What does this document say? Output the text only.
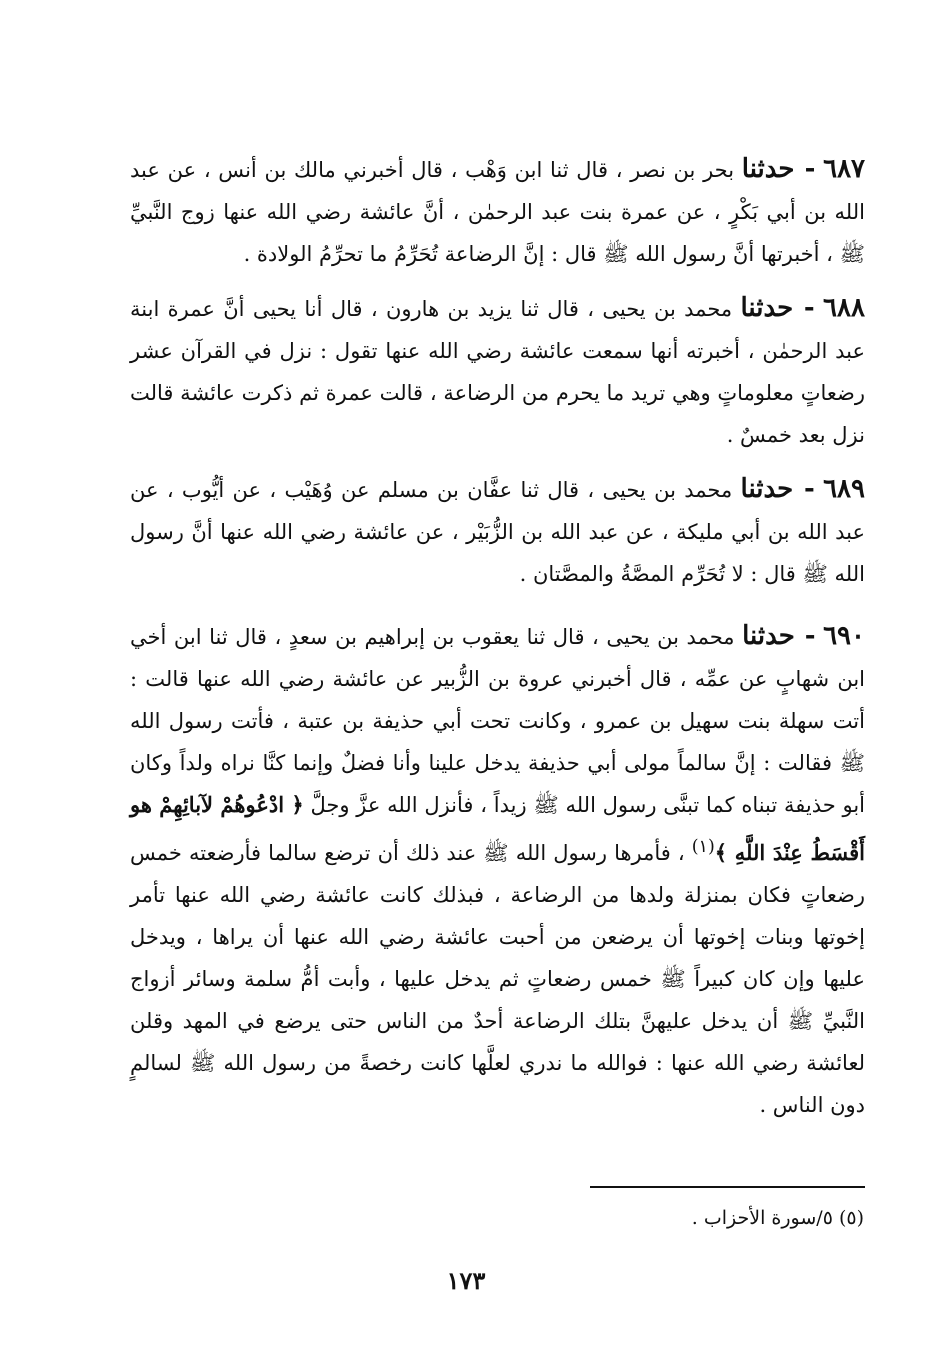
٦٨٧ - حدثنا بحر بن نصر ، قال ثنا ابن وَهْب ، قال أخبرني مالك بن أنس ، عن عبد الله بن أبي بَكْرٍ ، عن عمرة بنت عبد الرحمٰن ، أنَّ عائشة رضي الله عنها زوج النَّبيِّ ﷺ ، أخبرتها أنَّ رسول الله ﷺ قال : إنَّ الرضاعة تُحَرِّمُ ما تحرِّمُ الولادة .

٦٨٨ - حدثنا محمد بن يحيى ، قال ثنا يزيد بن هارون ، قال أنا يحيى أنَّ عمرة ابنة عبد الرحمٰن ، أخبرته أنها سمعت عائشة رضي الله عنها تقول : نزل في القرآن عشر رضعاتٍ معلوماتٍ وهي تريد ما يحرم من الرضاعة ، قالت عمرة ثم ذكرت عائشة قالت نزل بعد خمسٌ .

٦٨٩ - حدثنا محمد بن يحيى ، قال ثنا عفَّان بن مسلم عن وُهَيْب ، عن أيُّوب ، عن عبد الله بن أبي مليكة ، عن عبد الله بن الزُّبَيْر ، عن عائشة رضي الله عنها أنَّ رسول الله ﷺ قال : لا تُحَرِّم المصَّةُ والمصَّتان .

٦٩٠ - حدثنا محمد بن يحيى ، قال ثنا يعقوب بن إبراهيم بن سعدٍ ، قال ثنا ابن أخي ابن شهابٍ عن عمِّه ، قال أخبرني عروة بن الزُّبير عن عائشة رضي الله عنها قالت : أتت سهلة بنت سهيل بن عمرو ، وكانت تحت أبي حذيفة بن عتبة ، فأتت رسول الله ﷺ فقالت : إنَّ سالماً مولى أبي حذيفة يدخل علينا وأنا فضلٌ وإنما كنَّا نراه ولداً وكان أبو حذيفة تبناه كما تبنَّى رسول الله ﷺ زيداً ، فأنزل الله عزَّ وجلَّ ﴿ ادْعُوهُمْ لآبائِهِمْ هو أَقْسَطُ عِنْدَ اللَّهِ ﴾$^{(١)}$ ، فأمرها رسول الله ﷺ عند ذلك أن ترضع سالما فأرضعته خمس رضعاتٍ فكان بمنزلة ولدها من الرضاعة ، فبذلك كانت عائشة رضي الله عنها تأمر إخوتها وبنات إخوتها أن يرضعن من أحبت عائشة رضي الله عنها أن يراها ، ويدخل عليها وإن كان كبيراً ﷺ خمس رضعاتٍ ثم يدخل عليها ، وأبت أمُّ سلمة وسائر أزواج النَّبيِّ ﷺ أن يدخل عليهنَّ بتلك الرضاعة أحدٌ من الناس حتى يرضع في المهد وقلن لعائشة رضي الله عنها : فوالله ما ندري لعلَّها كانت رخصةً من رسول الله ﷺ لسالمٍ دون الناس .

(٥) ٥/سورة الأحزاب .
١٧٣
